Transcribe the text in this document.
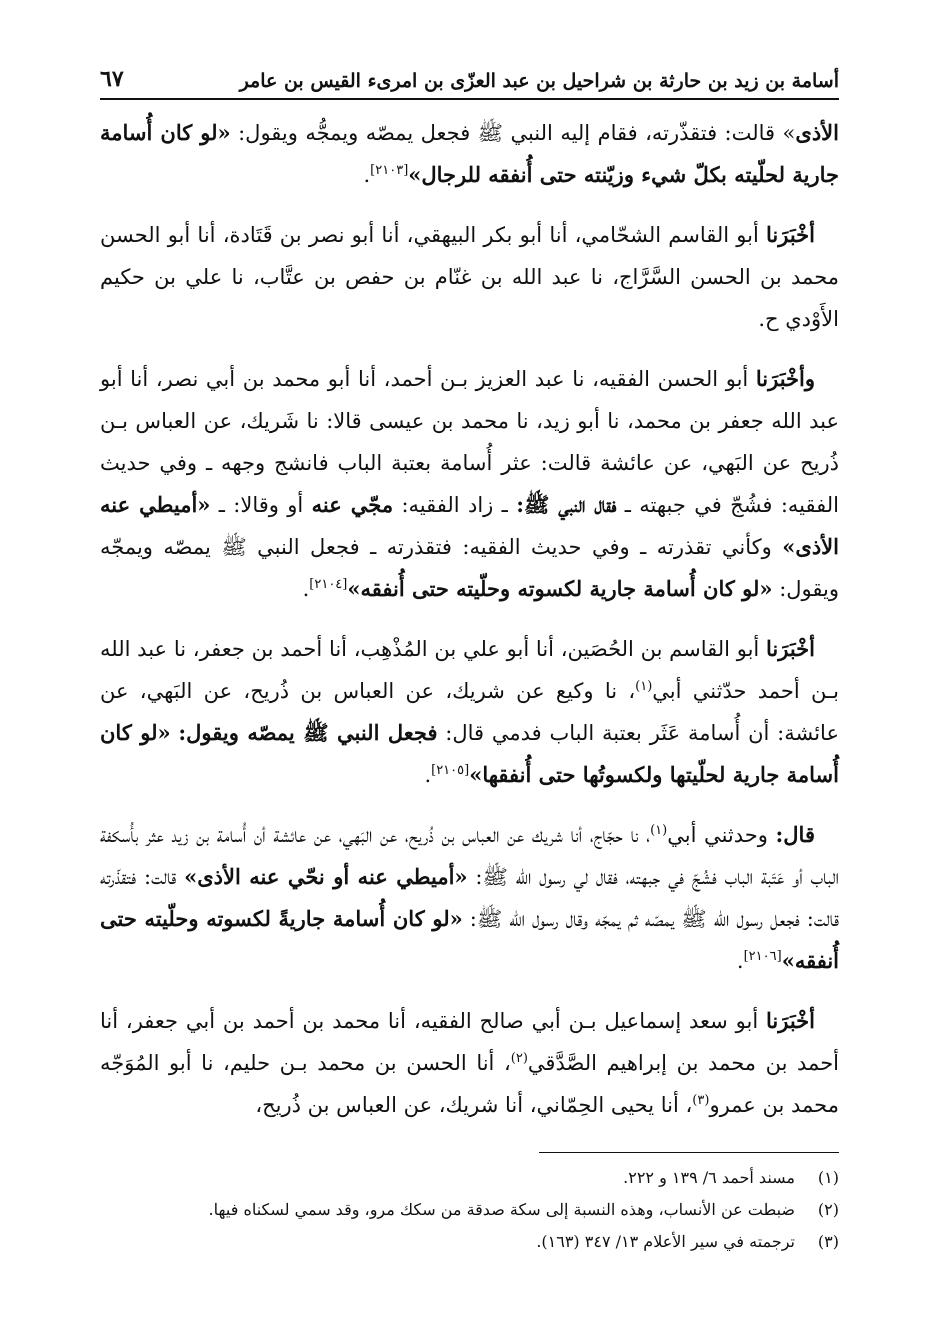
أسامة بن زيد بن حارثة بن شراحيل بن عبد العزّى بن امرىء القيس بن عامر
٦٧

الأذى» قالت: فتقذّرته، فقام إليه النبي ﷺ فجعل يمصّه ويمجُّه ويقول: «لو كان أُسامة جارية لحلّيته بكلّ شيء وزيّنته حتى أُنفقه للرجال»[٢١٠٣].

أخْبَرَنا أبو القاسم الشحّامي، أنا أبو بكر البيهقي، أنا أبو نصر بن قَتَادة، أنا أبو الحسن محمد بن الحسن السَّرَّاج، نا عبد الله بن غنّام بن حفص بن عتَّاب، نا علي بن حكيم الأَوْدي ح.

وأخْبَرَنا أبو الحسن الفقيه، نا عبد العزيز بـن أحمد، أنا أبو محمد بن أبي نصر، أنا أبو عبد الله جعفر بن محمد، نا أبو زيد، نا محمد بن عيسى قالا: نا شَريك، عن العباس بـن ذُريح عن البَهي، عن عائشة قالت: عثر أُسامة بعتبة الباب فانشج وجهه ـ وفي حديث الفقيه: فشُجّ في جبهته ـ فقال النبي ﷺ: ـ زاد الفقيه: مجّي عنه أو وقالا: ـ «أميطي عنه الأذى» وكأني تقذرته ـ وفي حديث الفقيه: فتقذرته ـ فجعل النبي ﷺ يمصّه ويمجّه ويقول: «لو كان أُسامة جارية لكسوته وحلّيته حتى أُنفقه»[٢١٠٤].

أخْبَرَنا أبو القاسم بن الحُصَين، أنا أبو علي بن المُذْهِب، أنا أحمد بن جعفر، نا عبد الله بـن أحمد حدّثني أبي$^{(١)}$، نا وكيع عن شريك، عن العباس بن ذُريح، عن البَهي، عن عائشة: أن أُسامة عَثَر بعتبة الباب فدمي قال: فجعل النبي ﷺ يمصّه ويقول: «لو كان أُسامة جارية لحلّيتها ولكسوتُها حتى أُنفقها»[٢١٠٥].

قال: وحدثني أبي$^{(١)}$، نا حجّاج، أنا شريك عن العباس بن ذُريح، عن البَهي، عن عائشة أن أُسامة بن زيد عثر بأُسكفة الباب أو عَتَبة الباب فشُجّ في جبهته، فقال لي رسول الله ﷺ: «أميطي عنه أو نحّي عنه الأذى» قالت: فتقذّرته قالت: فجعل رسول الله ﷺ يمصّه ثم يمجّه وقال رسول الله ﷺ: «لو كان أُسامة جاريةً لكسوته وحلّيته حتى أُنفقه»[٢١٠٦].

أخْبَرَنا أبو سعد إسماعيل بـن أبي صالح الفقيه، أنا محمد بن أحمد بن أبي جعفر، أنا أحمد بن محمد بن إبراهيم الصَّدَّقي$^{(٢)}$، أنا الحسن بن محمد بـن حليم، نا أبو المُوَجّه محمد بن عمرو$^{(٣)}$، أنا يحيى الحِمّاني، أنا شريك، عن العباس بن ذُريح،

(١)
مسند أحمد ٦/ ١٣٩ و ٢٢٢.
(٢)
ضبطت عن الأنساب، وهذه النسبة إلى سكة صدقة من سكك مرو، وقد سمي لسكناه فيها.
(٣)
ترجمته في سير الأعلام ١٣/ ٣٤٧ (١٦٣).
